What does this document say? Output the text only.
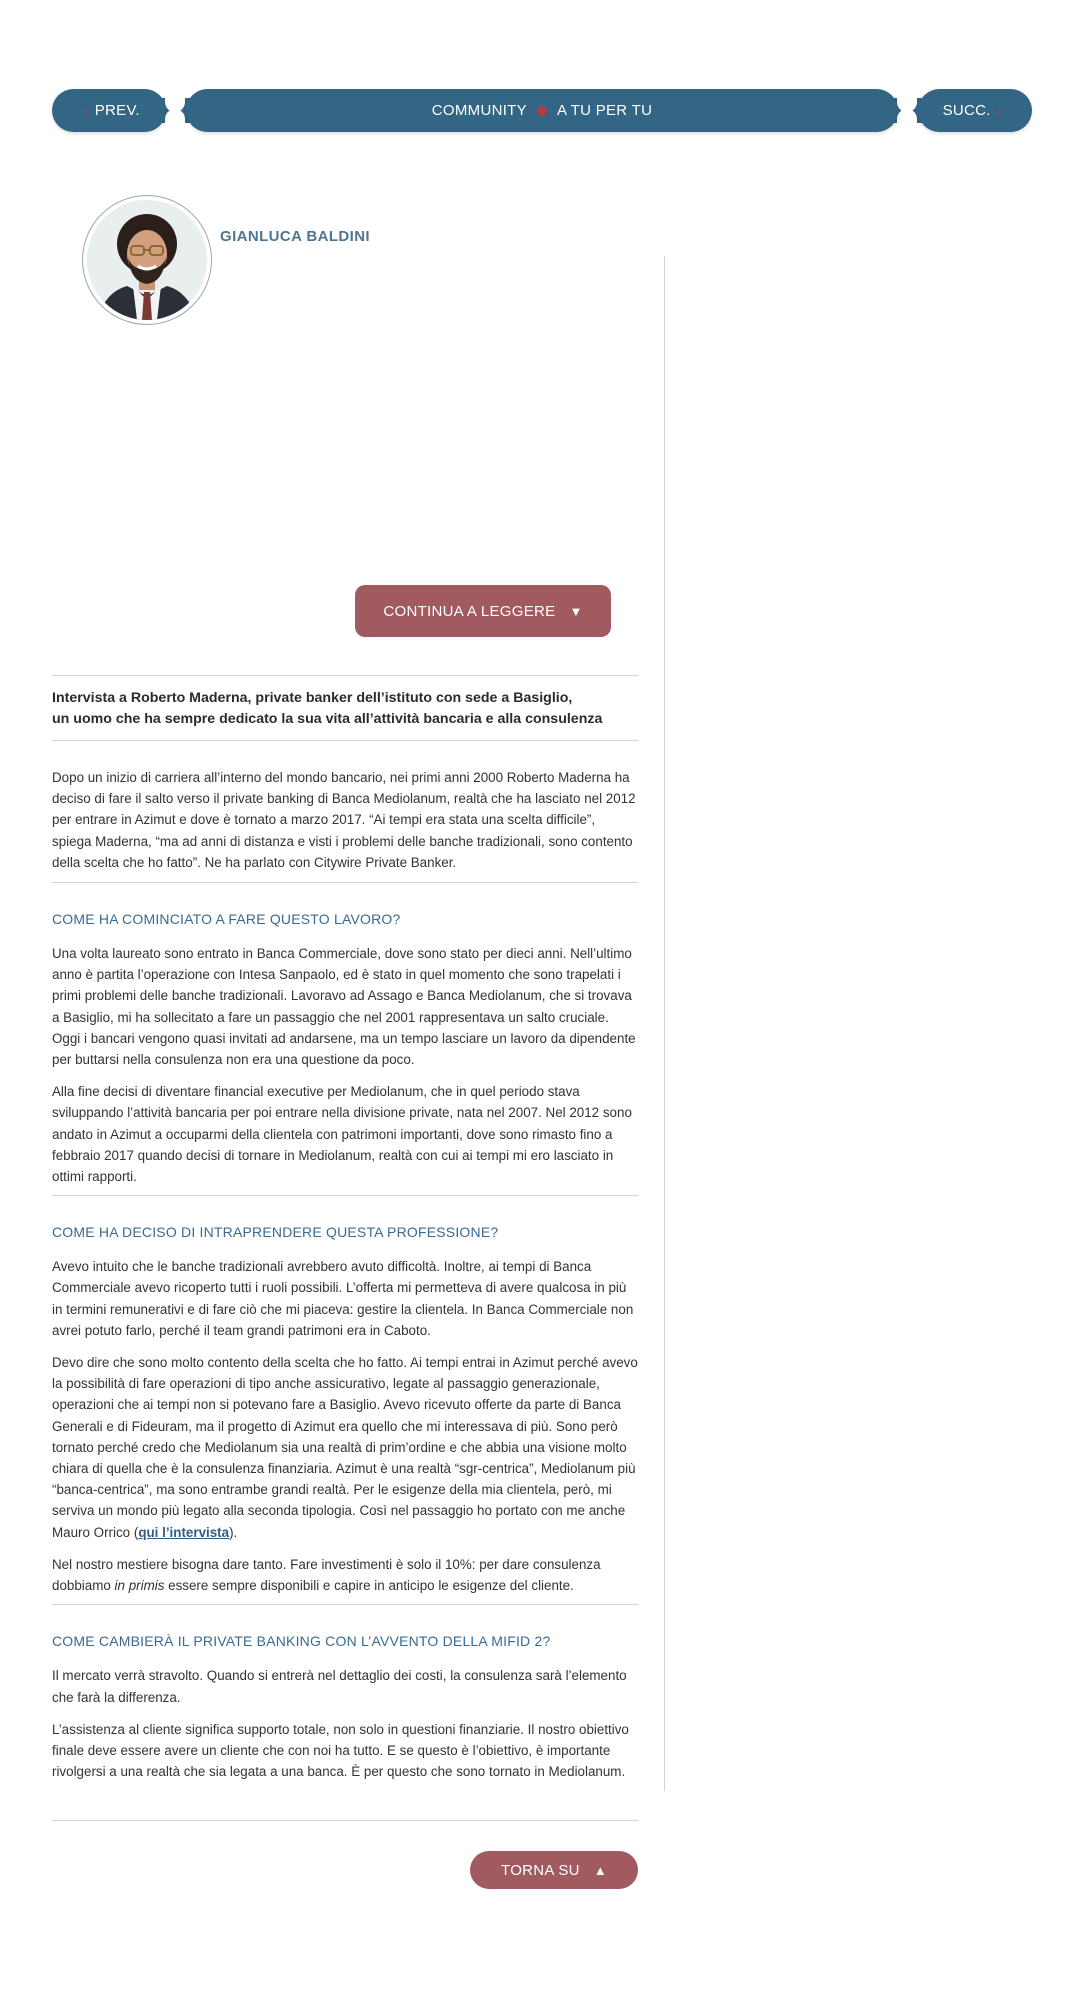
‹ PREV.	COMMUNITY A TU PER TU	SUCC. ›
GIANLUCA BALDINI
CONTINUA A LEGGERE ▼
Intervista a Roberto Maderna, private banker dell’istituto con sede a Basiglio,
un uomo che ha sempre dedicato la sua vita all’attività bancaria e alla consulenza

Dopo un inizio di carriera all’interno del mondo bancario, nei primi anni 2000 Roberto Maderna ha deciso di fare il salto verso il private banking di Banca Mediolanum, realtà che ha lasciato nel 2012 per entrare in Azimut e dove è tornato a marzo 2017. “Ai tempi era stata una scelta difficile”, spiega Maderna, “ma ad anni di distanza e visti i problemi delle banche tradizionali, sono contento della scelta che ho fatto”. Ne ha parlato con Citywire Private Banker.

COME HA COMINCIATO A FARE QUESTO LAVORO?

Una volta laureato sono entrato in Banca Commerciale, dove sono stato per dieci anni. Nell’ultimo anno è partita l’operazione con Intesa Sanpaolo, ed è stato in quel momento che sono trapelati i primi problemi delle banche tradizionali. Lavoravo ad Assago e Banca Mediolanum, che si trovava a Basiglio, mi ha sollecitato a fare un passaggio che nel 2001 rappresentava un salto cruciale. Oggi i bancari vengono quasi invitati ad andarsene, ma un tempo lasciare un lavoro da dipendente per buttarsi nella consulenza non era una questione da poco.

Alla fine decisi di diventare financial executive per Mediolanum, che in quel periodo stava sviluppando l’attività bancaria per poi entrare nella divisione private, nata nel 2007. Nel 2012 sono andato in Azimut a occuparmi della clientela con patrimoni importanti, dove sono rimasto fino a febbraio 2017 quando decisi di tornare in Mediolanum, realtà con cui ai tempi mi ero lasciato in ottimi rapporti.

COME HA DECISO DI INTRAPRENDERE QUESTA PROFESSIONE?

Avevo intuito che le banche tradizionali avrebbero avuto difficoltà. Inoltre, ai tempi di Banca Commerciale avevo ricoperto tutti i ruoli possibili. L’offerta mi permetteva di avere qualcosa in più in termini remunerativi e di fare ciò che mi piaceva: gestire la clientela. In Banca Commerciale non avrei potuto farlo, perché il team grandi patrimoni era in Caboto.

Devo dire che sono molto contento della scelta che ho fatto. Ai tempi entrai in Azimut perché avevo la possibilità di fare operazioni di tipo anche assicurativo, legate al passaggio generazionale, operazioni che ai tempi non si potevano fare a Basiglio. Avevo ricevuto offerte da parte di Banca Generali e di Fideuram, ma il progetto di Azimut era quello che mi interessava di più. Sono però tornato perché credo che Mediolanum sia una realtà di prim’ordine e che abbia una visione molto chiara di quella che è la consulenza finanziaria. Azimut è una realtà “sgr-centrica”, Mediolanum più “banca-centrica”, ma sono entrambe grandi realtà. Per le esigenze della mia clientela, però, mi serviva un mondo più legato alla seconda tipologia. Così nel passaggio ho portato con me anche Mauro Orrico (qui l’intervista).

Nel nostro mestiere bisogna dare tanto. Fare investimenti è solo il 10%: per dare consulenza dobbiamo in primis essere sempre disponibili e capire in anticipo le esigenze del cliente.

COME CAMBIERÀ IL PRIVATE BANKING CON L’AVVENTO DELLA MIFID 2?

Il mercato verrà stravolto. Quando si entrerà nel dettaglio dei costi, la consulenza sarà l’elemento che farà la differenza.

L’assistenza al cliente significa supporto totale, non solo in questioni finanziarie. Il nostro obiettivo finale deve essere avere un cliente che con noi ha tutto. E se questo è l’obiettivo, è importante rivolgersi a una realtà che sia legata a una banca. È per questo che sono tornato in Mediolanum.

TORNA SU ▲
